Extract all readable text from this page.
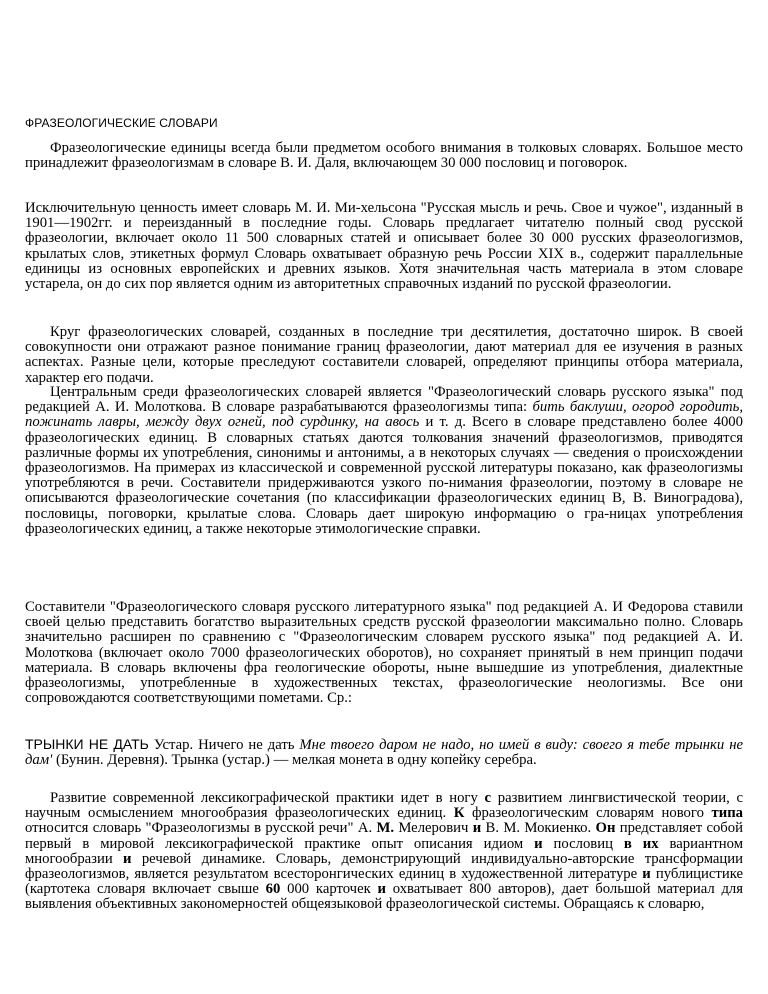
ФРАЗЕОЛОГИЧЕСКИЕ СЛОВАРИ

Фразеологические единицы всегда были предметом особого внимания в толковых словарях. Большое место принадлежит фразеологизмам в словаре В. И. Даля, включающем 30 000 пословиц и поговорок.

Исключительную ценность имеет словарь М. И. Ми-хельсона "Русская мысль и речь. Свое и чужое", изданный в 1901—1902гг. и переизданный в последние годы. Словарь предлагает читателю полный свод русской фразеологии, включает около 11 500 словарных статей и описывает более 30 000 русских фразеологизмов, крылатых слов, этикетных формул Словарь охватывает образную речь России XIX в., содержит параллельные единицы из основных европейских и древних языков. Хотя значительная часть материала в этом словаре устарела, он до сих пор является одним из авторитетных справочных изданий по русской фразеологии.

Круг фразеологических словарей, созданных в последние три десятилетия, достаточно широк. В своей совокупности они отражают разное понимание границ фразеологии, дают материал для ее изучения в разных аспектах. Разные цели, которые преследуют составители словарей, определяют принципы отбора материала, характер его подачи.

Центральным среди фразеологических словарей является "Фразеологический словарь русского языка" под редакцией А. И. Молоткова. В словаре разрабатываются фразеологизмы типа: бить баклуши, огород городить, пожинать лавры, между двух огней, под сурдинку, на авось и т. д. Всего в словаре представлено более 4000 фразеологических единиц. В словарных статьях даются толкования значений фразеологизмов, приводятся различные формы их употребления, синонимы и антонимы, а в некоторых случаях — сведения о происхождении фразеологизмов. На примерах из классической и современной русской литературы показано, как фразеологизмы употребляются в речи. Составители придерживаются узкого по-нимания фразеологии, поэтому в словаре не описываются фразеологические сочетания (по классификации фразеологических единиц В, В. Виноградова), пословицы, поговорки, крылатые слова. Словарь дает широкую информацию о гра-ницах употребления фразеологических единиц, а также некоторые этимологические справки.

Составители "Фразеологического словаря русского литературного языка" под редакцией А. И Федорова ставили своей целью представить богатство выразительных средств русской фразеологии максимально полно. Словарь значительно расширен по сравнению с "Фразеологическим словарем русского языка" под редакцией А. И. Молоткова (включает около 7000 фразеологических оборотов), но сохраняет принятый в нем принцип подачи материала. В словарь включены фра геологические обороты, ныне вышедшие из употребления, диалектные фразеологизмы, употребленные в художественных текстах, фразеологические неологизмы. Все они сопровождаются соответствующими пометами. Ср.:

ТРЫНКИ НЕ ДАТЬ Устар. Ничего не дать Мне твоего даром не надо, но имей в виду: своего я тебе трынки не дам' (Бунин. Деревня). Трынка (устар.) — мелкая монета в одну копейку серебра.

Развитие современной лексикографической практики идет в ногу с развитием лингвистической теории, с научным осмыслением многообразия фразеологических единиц. К фразеологическим словарям нового типа относится словарь "Фразеологизмы в русской речи" А. М. Мелерович и В. М. Мокиенко. Он представляет собой первый в мировой лексикографической практике опыт описания идиом и пословиц в их вариантном многообразии и речевой динамике. Словарь, демонстрирующий индивидуально-авторские трансформации фразеологизмов, является результатом всесторонгических единиц в художественной литературе и публицистике (картотека словаря включает свыше 60 000 карточек и охватывает 800 авторов), дает большой материал для выявления объективных закономерностей общеязыковой фразеологической системы. Обращаясь к словарю,
